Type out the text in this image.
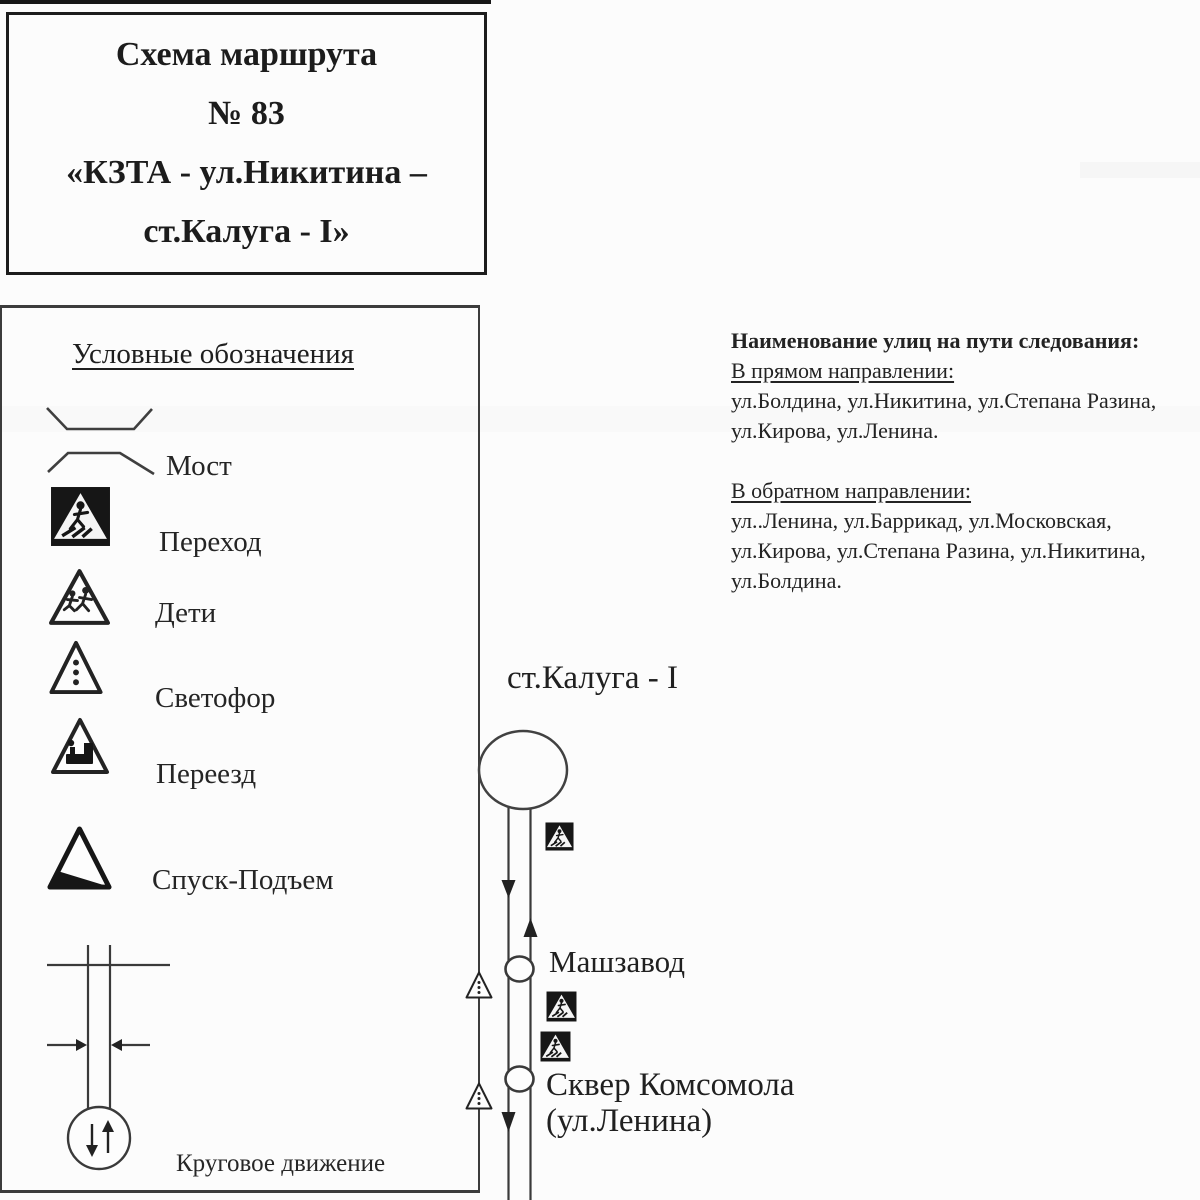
Схема маршрута
№ 83
«КЗТА - ул.Никитина –
ст.Калуга - I»
Условные обозначения
Мост
Переход
Дети
Светофор
Переезд
Спуск-Подъем
Круговое движение
Наименование улиц на пути следования:
В прямом направлении:
ул.Болдина, ул.Никитина, ул.Степана Разина,
ул.Кирова, ул.Ленина.
В обратном направлении:
ул..Ленина, ул.Баррикад, ул.Московская,
ул.Кирова, ул.Степана Разина, ул.Никитина,
ул.Болдина.
ст.Калуга - I
Машзавод
Сквер Комсомола
(ул.Ленина)
